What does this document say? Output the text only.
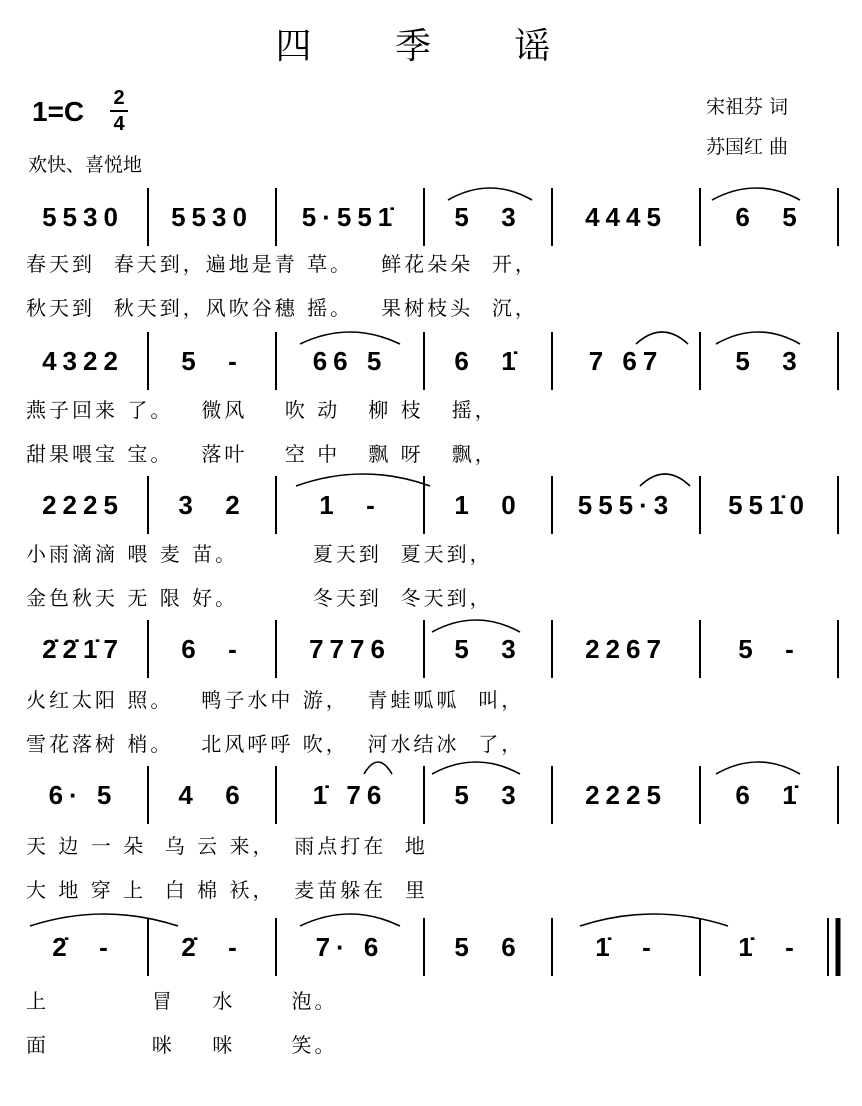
四 季 谣
1=C 2
4
欢快、喜悦地
宋祖芬 词
苏国红 曲
5530	5530	5·551̇	5  3	4445	6  5
春天到  春天到，遍地是青 草。   鲜花朵朵  开，
秋天到  秋天到，风吹谷穗 摇。   果树枝头  沉，
4322	5  -	66 5	6  1̇	7 67	5  3
燕子回来 了。   微风    吹 动   柳 枝   摇，
甜果喂宝 宝。   落叶    空 中   飘 呀   飘，
2225	3  2	1  -	1  0	555·3	551̇0
小雨滴滴 喂 麦 苗。        夏天到  夏天到，
金色秋天 无 限 好。        冬天到  冬天到，
2̇2̇1̇7	6  -	7776	5  3	2267	5  -
火红太阳 照。   鸭子水中 游，  青蛙呱呱  叫，
雪花落树 梢。   北风呼呼 吹，  河水结冰  了，
6· 5	4  6	1̇ 76	5  3	2225	6  1̇
天 边 一 朵  乌 云 来，  雨点打在  地
大 地 穿 上  白 棉 袄，  麦苗躲在  里
2̇  -	2̇  -	7· 6	5  6	1̇  -	1̇  -
上           冒    水      泡。
面           咪    咪      笑。
